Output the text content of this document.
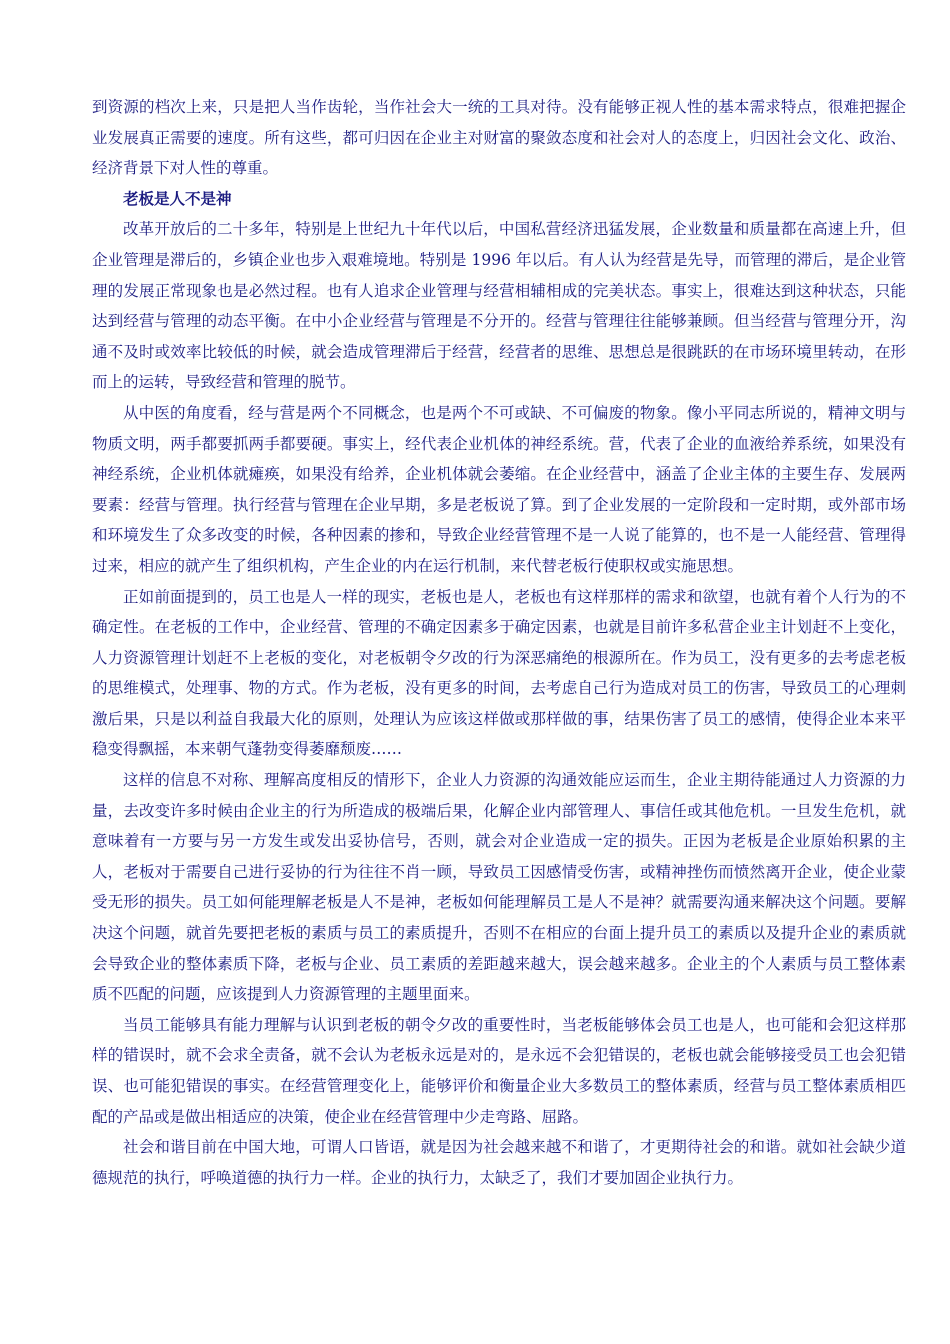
到资源的档次上来，只是把人当作齿轮，当作社会大一统的工具对待。没有能够正视人性的基本需求特点，很难把握企业发展真正需要的速度。所有这些，都可归因在企业主对财富的聚敛态度和社会对人的态度上，归因社会文化、政治、经济背景下对人性的尊重。

老板是人不是神

改革开放后的二十多年，特别是上世纪九十年代以后，中国私营经济迅猛发展，企业数量和质量都在高速上升，但企业管理是滞后的，乡镇企业也步入艰难境地。特别是 1996 年以后。有人认为经营是先导，而管理的滞后，是企业管理的发展正常现象也是必然过程。也有人追求企业管理与经营相辅相成的完美状态。事实上，很难达到这种状态，只能达到经营与管理的动态平衡。在中小企业经营与管理是不分开的。经营与管理往往能够兼顾。但当经营与管理分开，沟通不及时或效率比较低的时候，就会造成管理滞后于经营，经营者的思维、思想总是很跳跃的在市场环境里转动，在形而上的运转，导致经营和管理的脱节。

从中医的角度看，经与营是两个不同概念，也是两个不可或缺、不可偏废的物象。像小平同志所说的，精神文明与物质文明，两手都要抓两手都要硬。事实上，经代表企业机体的神经系统。营，代表了企业的血液给养系统，如果没有神经系统，企业机体就瘫痪，如果没有给养，企业机体就会萎缩。在企业经营中，涵盖了企业主体的主要生存、发展两要素：经营与管理。执行经营与管理在企业早期，多是老板说了算。到了企业发展的一定阶段和一定时期，或外部市场和环境发生了众多改变的时候，各种因素的掺和，导致企业经营管理不是一人说了能算的，也不是一人能经营、管理得过来，相应的就产生了组织机构，产生企业的内在运行机制，来代替老板行使职权或实施思想。

正如前面提到的，员工也是人一样的现实，老板也是人，老板也有这样那样的需求和欲望，也就有着个人行为的不确定性。在老板的工作中，企业经营、管理的不确定因素多于确定因素，也就是目前许多私营企业主计划赶不上变化，人力资源管理计划赶不上老板的变化，对老板朝令夕改的行为深恶痛绝的根源所在。作为员工，没有更多的去考虑老板的思维模式，处理事、物的方式。作为老板，没有更多的时间，去考虑自己行为造成对员工的伤害，导致员工的心理刺激后果，只是以利益自我最大化的原则，处理认为应该这样做或那样做的事，结果伤害了员工的感情，使得企业本来平稳变得飘摇，本来朝气蓬勃变得萎靡颓废……

这样的信息不对称、理解高度相反的情形下，企业人力资源的沟通效能应运而生，企业主期待能通过人力资源的力量，去改变许多时候由企业主的行为所造成的极端后果，化解企业内部管理人、事信任或其他危机。一旦发生危机，就意味着有一方要与另一方发生或发出妥协信号，否则，就会对企业造成一定的损失。正因为老板是企业原始积累的主人，老板对于需要自己进行妥协的行为往往不肖一顾，导致员工因感情受伤害，或精神挫伤而愤然离开企业，使企业蒙受无形的损失。员工如何能理解老板是人不是神，老板如何能理解员工是人不是神？就需要沟通来解决这个问题。要解决这个问题，就首先要把老板的素质与员工的素质提升，否则不在相应的台面上提升员工的素质以及提升企业的素质就会导致企业的整体素质下降，老板与企业、员工素质的差距越来越大，误会越来越多。企业主的个人素质与员工整体素质不匹配的问题，应该提到人力资源管理的主题里面来。

当员工能够具有能力理解与认识到老板的朝令夕改的重要性时，当老板能够体会员工也是人，也可能和会犯这样那样的错误时，就不会求全责备，就不会认为老板永远是对的，是永远不会犯错误的，老板也就会能够接受员工也会犯错误、也可能犯错误的事实。在经营管理变化上，能够评价和衡量企业大多数员工的整体素质，经营与员工整体素质相匹配的产品或是做出相适应的决策，使企业在经营管理中少走弯路、屈路。

社会和谐目前在中国大地，可谓人口皆语，就是因为社会越来越不和谐了，才更期待社会的和谐。就如社会缺少道德规范的执行，呼唤道德的执行力一样。企业的执行力，太缺乏了，我们才要加固企业执行力。
